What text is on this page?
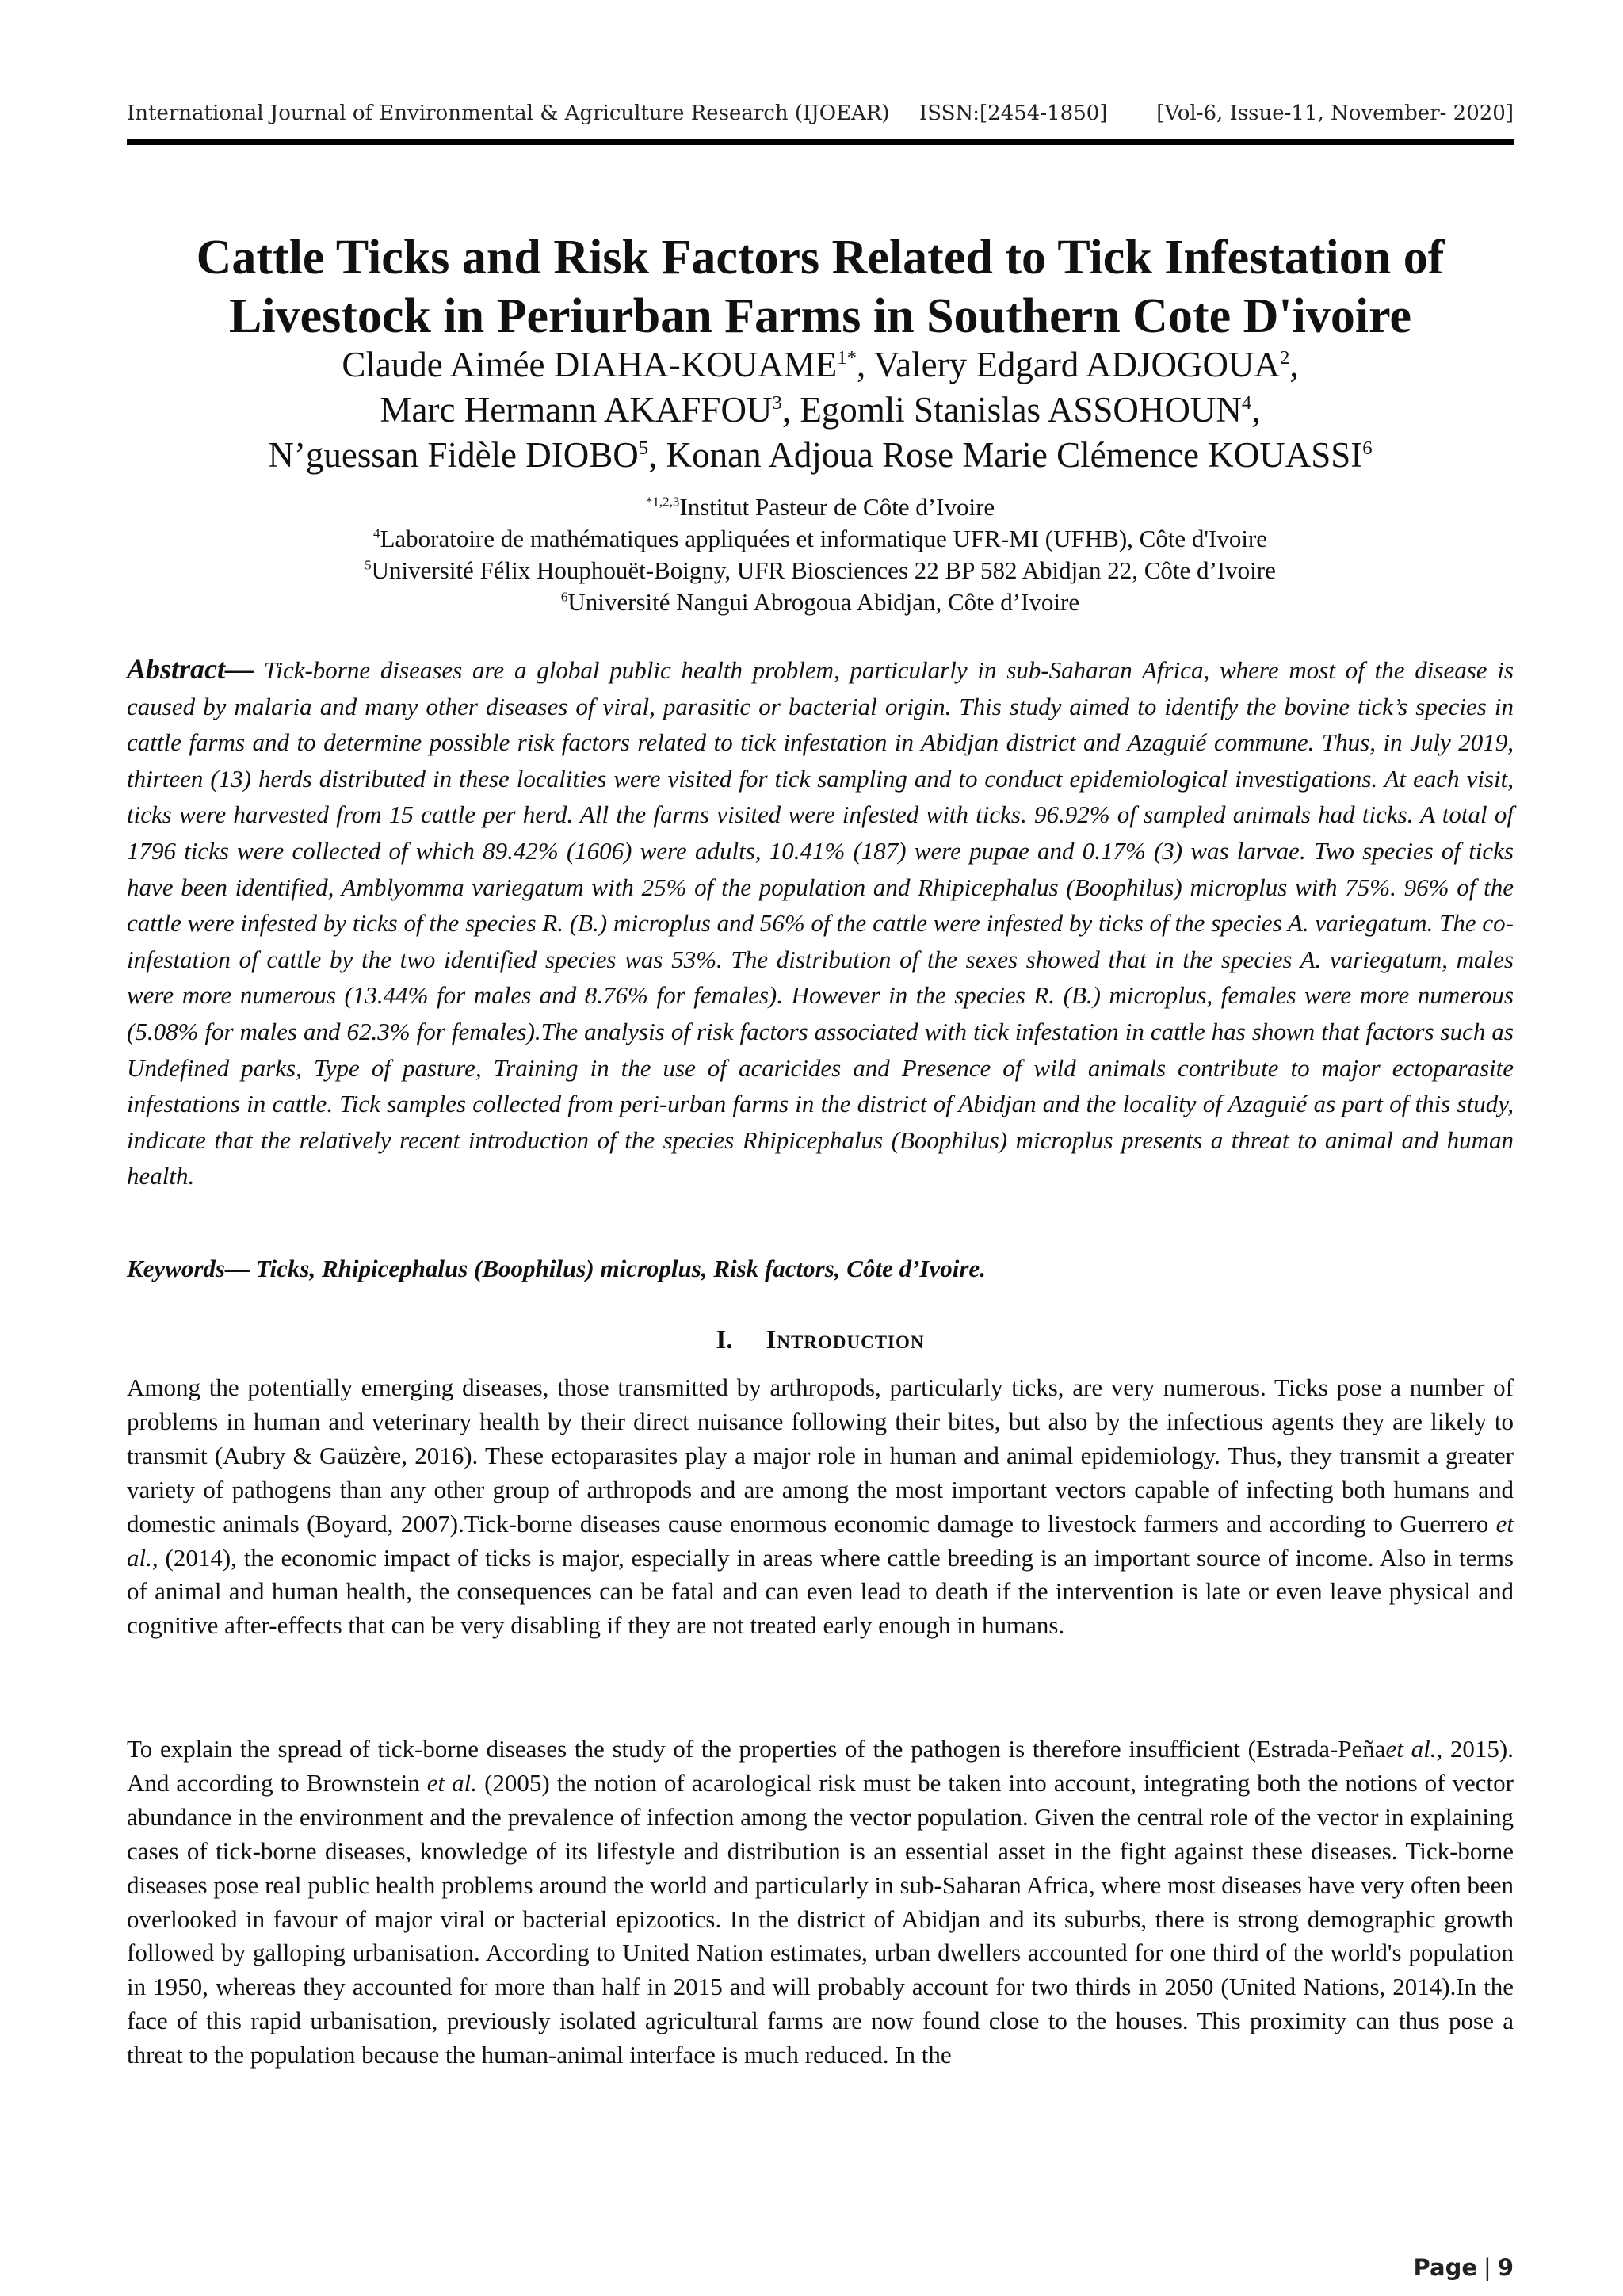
International Journal of Environmental & Agriculture Research (IJOEAR) ISSN:[2454-1850] [Vol-6, Issue-11, November- 2020]
Cattle Ticks and Risk Factors Related to Tick Infestation of
Livestock in Periurban Farms in Southern Cote D'ivoire
Claude Aimée DIAHA-$KOUAME^{1*}$, Valery Edgard ADJOGOUA$^2$,
Marc Hermann AKAFFOU$^3$, Egomli Stanislas ASSOHOUN$^4$,
N’guessan Fidèle DIOBO$^5$, Konan Adjoua Rose Marie Clémence KOUASSI$^6$
$^{*1,2,3}$Institut Pasteur de Côte d’Ivoire
$^4$Laboratoire de mathématiques appliquées et informatique UFR-MI (UFHB), Côte d'Ivoire
$^5$Université Félix Houphouët-Boigny, UFR Biosciences 22 BP 582 Abidjan 22, Côte d’Ivoire
$^6$Université Nangui Abrogoua Abidjan, Côte d’Ivoire
Abstract— Tick-borne diseases are a global public health problem, particularly in sub-Saharan Africa, where most of the disease is caused by malaria and many other diseases of viral, parasitic or bacterial origin. This study aimed to identify the bovine tick’s species in cattle farms and to determine possible risk factors related to tick infestation in Abidjan district and Azaguié commune. Thus, in July 2019, thirteen (13) herds distributed in these localities were visited for tick sampling and to conduct epidemiological investigations. At each visit, ticks were harvested from 15 cattle per herd. All the farms visited were infested with ticks. 96.92% of sampled animals had ticks. A total of 1796 ticks were collected of which 89.42% (1606) were adults, 10.41% (187) were pupae and 0.17% (3) was larvae. Two species of ticks have been identified, Amblyomma variegatum with 25% of the population and Rhipicephalus (Boophilus) microplus with 75%. 96% of the cattle were infested by ticks of the species R. (B.) microplus and 56% of the cattle were infested by ticks of the species A. variegatum. The co-infestation of cattle by the two identified species was 53%. The distribution of the sexes showed that in the species A. variegatum, males were more numerous (13.44% for males and 8.76% for females). However in the species R. (B.) microplus, females were more numerous (5.08% for males and 62.3% for females).The analysis of risk factors associated with tick infestation in cattle has shown that factors such as Undefined parks, Type of pasture, Training in the use of acaricides and Presence of wild animals contribute to major ectoparasite infestations in cattle. Tick samples collected from peri-urban farms in the district of Abidjan and the locality of Azaguié as part of this study, indicate that the relatively recent introduction of the species Rhipicephalus (Boophilus) microplus presents a threat to animal and human health.
Keywords— Ticks, Rhipicephalus (Boophilus) microplus, Risk factors, Côte d’Ivoire.
I. Introduction
Among the potentially emerging diseases, those transmitted by arthropods, particularly ticks, are very numerous. Ticks pose a number of problems in human and veterinary health by their direct nuisance following their bites, but also by the infectious agents they are likely to transmit (Aubry & Gaüzère, 2016). These ectoparasites play a major role in human and animal epidemiology. Thus, they transmit a greater variety of pathogens than any other group of arthropods and are among the most important vectors capable of infecting both humans and domestic animals (Boyard, 2007).Tick-borne diseases cause enormous economic damage to livestock farmers and according to Guerrero et al., (2014), the economic impact of ticks is major, especially in areas where cattle breeding is an important source of income. Also in terms of animal and human health, the consequences can be fatal and can even lead to death if the intervention is late or even leave physical and cognitive after-effects that can be very disabling if they are not treated early enough in humans.
To explain the spread of tick-borne diseases the study of the properties of the pathogen is therefore insufficient (Estrada-Peñaet al., 2015). And according to Brownstein et al. (2005) the notion of acarological risk must be taken into account, integrating both the notions of vector abundance in the environment and the prevalence of infection among the vector population. Given the central role of the vector in explaining cases of tick-borne diseases, knowledge of its lifestyle and distribution is an essential asset in the fight against these diseases. Tick-borne diseases pose real public health problems around the world and particularly in sub-Saharan Africa, where most diseases have very often been overlooked in favour of major viral or bacterial epizootics. In the district of Abidjan and its suburbs, there is strong demographic growth followed by galloping urbanisation. According to United Nation estimates, urban dwellers accounted for one third of the world's population in 1950, whereas they accounted for more than half in 2015 and will probably account for two thirds in 2050 (United Nations, 2014).In the face of this rapid urbanisation, previously isolated agricultural farms are now found close to the houses. This proximity can thus pose a threat to the population because the human-animal interface is much reduced. In the
Page | 9
